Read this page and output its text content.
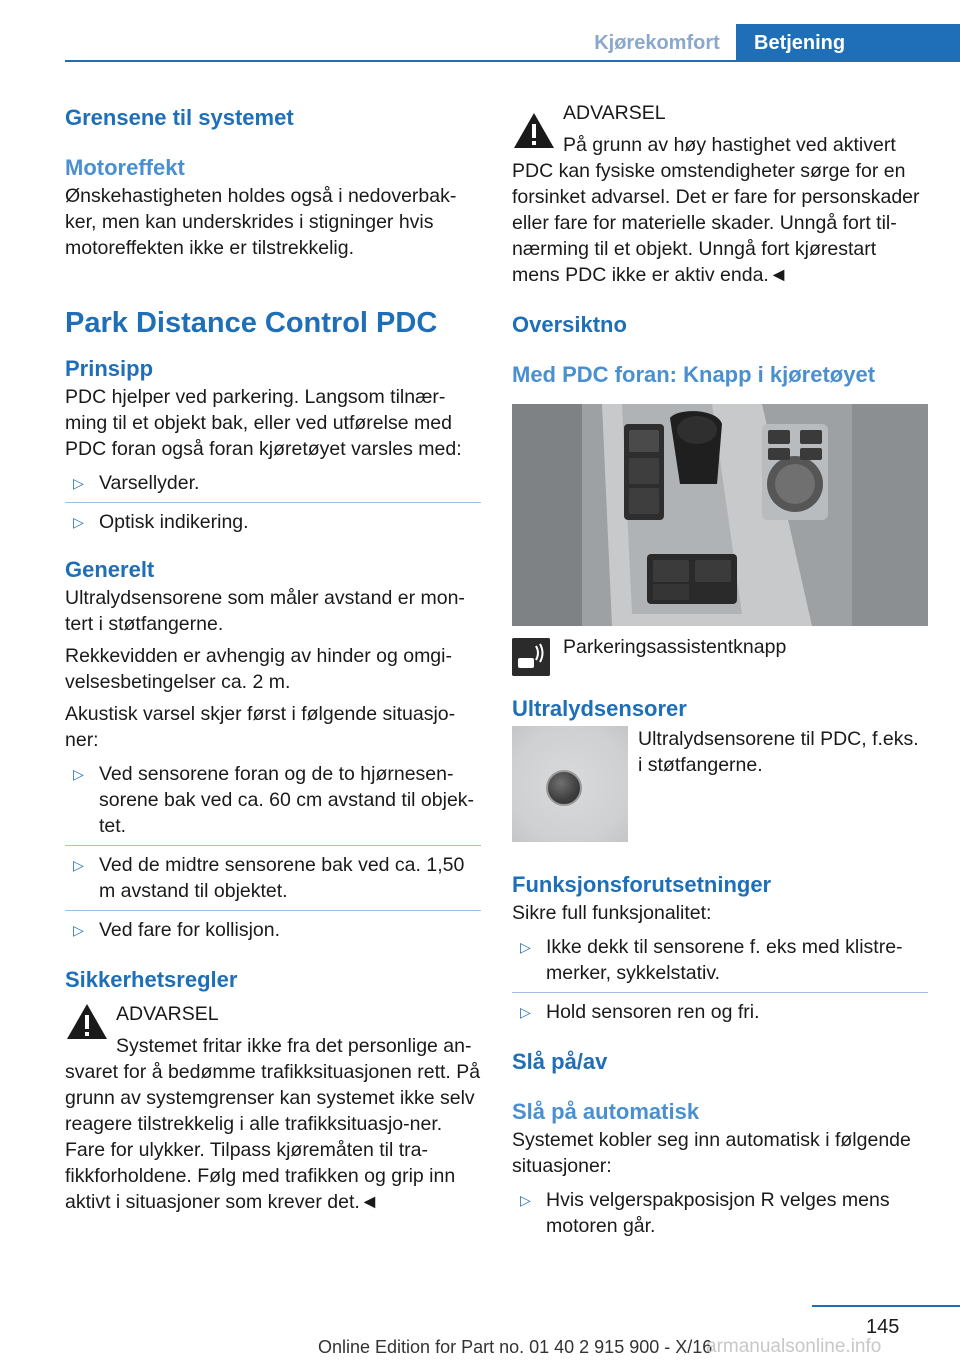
Kjørekomfort	Betjening
Grensene til systemet
Motoreffekt

Ønskehastigheten holdes også i nedoverbak-ker, men kan underskrides i stigninger hvis motoreffekten ikke er tilstrekkelig.

Park Distance Control PDC
Prinsipp

PDC hjelper ved parkering. Langsom tilnær-ming til et objekt bak, eller ved utførelse med PDC foran også foran kjøretøyet varsles med:

▷ Varsellyder.
▷ Optisk indikering.
Generelt

Ultralydsensorene som måler avstand er mon-tert i støtfangerne.

Rekkevidden er avhengig av hinder og omgi-velsesbetingelser ca. 2 m.

Akustisk varsel skjer først i følgende situasjo-ner:

▷ Ved sensorene foran og de to hjørnesen-sorene bak ved ca. 60 cm avstand til objek-tet.
▷ Ved de midtre sensorene bak ved ca. 1,50 m avstand til objektet.
▷ Ved fare for kollisjon.
Sikkerhetsregler
ADVARSEL
Systemet fritar ikke fra det personlige an-
svaret for å bedømme trafikksituasjonen rett. På grunn av systemgrenser kan systemet ikke selv reagere tilstrekkelig i alle trafikksituasjo-ner. Fare for ulykker. Tilpass kjøremåten til tra-fikkforholdene. Følg med trafikken og grip inn aktivt i situasjoner som krever det.◄
ADVARSEL
På grunn av høy hastighet ved aktivert
PDC kan fysiske omstendigheter sørge for en forsinket advarsel. Det er fare for personskader eller fare for materielle skader. Unngå fort til-nærming til et objekt. Unngå fort kjørestart mens PDC ikke er aktiv enda.◄
Oversiktno
Med PDC foran: Knapp i kjøretøyet
Parkeringsassistentknapp
Ultralydsensorer

Ultralydsensorene til PDC, f.eks. i støtfangerne.

Funksjonsforutsetninger

Sikre full funksjonalitet:

▷ Ikke dekk til sensorene f. eks med klistre-merker, sykkelstativ.
▷ Hold sensoren ren og fri.
Slå på/av
Slå på automatisk

Systemet kobler seg inn automatisk i følgende situasjoner:

▷ Hvis velgerspakposisjon R velges mens motoren går.
145
Online Edition for Part no. 01 40 2 915 900 - X/16
armanualsonline.info
